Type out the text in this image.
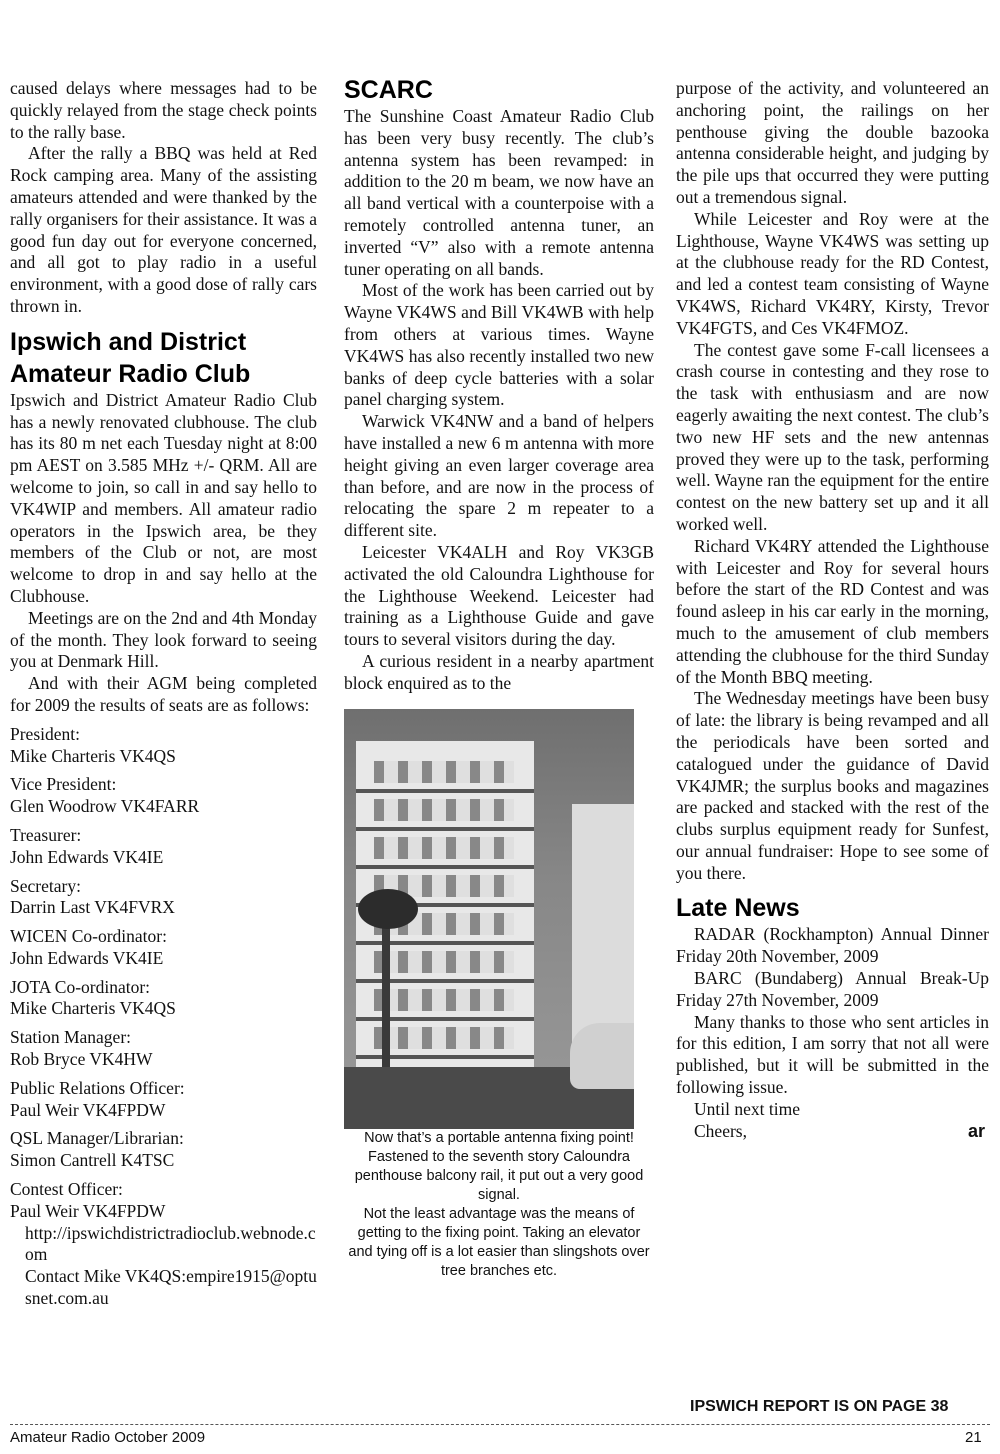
caused delays where messages had to be quickly relayed from the stage check points to the rally base.

After the rally a BBQ was held at Red Rock camping area. Many of the assisting amateurs attended and were thanked by the rally organisers for their assistance. It was a good fun day out for everyone concerned, and all got to play radio in a useful environment, with a good dose of rally cars thrown in.

Ipswich and District Amateur Radio Club

Ipswich and District Amateur Radio Club has a newly renovated clubhouse. The club has its 80 m net each Tuesday night at 8:00 pm AEST on 3.585 MHz +/- QRM. All are welcome to join, so call in and say hello to VK4WIP and members. All amateur radio operators in the Ipswich area, be they members of the Club or not, are most welcome to drop in and say hello at the Clubhouse.

Meetings are on the 2nd and 4th Monday of the month. They look forward to seeing you at Denmark Hill.

And with their AGM being completed for 2009 the results of seats are as follows:

President:
Mike Charteris VK4QS
Vice President:
Glen Woodrow VK4FARR
Treasurer:
John Edwards VK4IE
Secretary:
Darrin Last VK4FVRX
WICEN Co-ordinator:
John Edwards VK4IE
JOTA Co-ordinator:
Mike Charteris VK4QS
Station Manager:
Rob Bryce VK4HW
Public Relations Officer:
Paul Weir VK4FPDW
QSL Manager/Librarian:
Simon Cantrell K4TSC
Contest Officer:
Paul Weir VK4FPDW

http://ipswichdistrictradioclub.webnode.com

Contact Mike VK4QS:empire1915@optusnet.com.au

SCARC

The Sunshine Coast Amateur Radio Club has been very busy recently. The club’s antenna system has been revamped: in addition to the 20 m beam, we now have an all band vertical with a counterpoise with a remotely controlled antenna tuner, an inverted “V” also with a remote antenna tuner operating on all bands.

Most of the work has been carried out by Wayne VK4WS and Bill VK4WB with help from others at various times. Wayne VK4WS has also recently installed two new banks of deep cycle batteries with a solar panel charging system.

Warwick VK4NW and a band of helpers have installed a new 6 m antenna with more height giving an even larger coverage area than before, and are now in the process of relocating the spare 2 m repeater to a different site.

Leicester VK4ALH and Roy VK3GB activated the old Caloundra Lighthouse for the Lighthouse Weekend. Leicester had training as a Lighthouse Guide and gave tours to several visitors during the day.

A curious resident in a nearby apartment block enquired as to the

Now that’s a portable antenna fixing point!

Fastened to the seventh story Caloundra penthouse balcony rail, it put out a very good signal.

Not the least advantage was the means of getting to the fixing point. Taking an elevator and tying off is a lot easier than slingshots over tree branches etc.

purpose of the activity, and volunteered an anchoring point, the railings on her penthouse giving the double bazooka antenna considerable height, and judging by the pile ups that occurred they were putting out a tremendous signal.

While Leicester and Roy were at the Lighthouse, Wayne VK4WS was setting up at the clubhouse ready for the RD Contest, and led a contest team consisting of Wayne VK4WS, Richard VK4RY, Kirsty, Trevor VK4FGTS, and Ces VK4FMOZ.

The contest gave some F-call licensees a crash course in contesting and they rose to the task with enthusiasm and are now eagerly awaiting the next contest. The club’s two new HF sets and the new antennas proved they were up to the task, performing well. Wayne ran the equipment for the entire contest on the new battery set up and it all worked well.

Richard VK4RY attended the Lighthouse with Leicester and Roy for several hours before the start of the RD Contest and was found asleep in his car early in the morning, much to the amusement of club members attending the clubhouse for the third Sunday of the Month BBQ meeting.

The Wednesday meetings have been busy of late: the library is being revamped and all the periodicals have been sorted and catalogued under the guidance of David VK4JMR; the surplus books and magazines are packed and stacked with the rest of the clubs surplus equipment ready for Sunfest, our annual fundraiser: Hope to see some of you there.

Late News

RADAR (Rockhampton) Annual Dinner Friday 20th November, 2009

BARC (Bundaberg) Annual Break-Up Friday 27th November, 2009

Many thanks to those who sent articles in for this edition, I am sorry that not all were published, but it will be submitted in the following issue.

Until next time

Cheers,	ar

IPSWICH REPORT IS ON PAGE 38
Amateur Radio October 2009	21
